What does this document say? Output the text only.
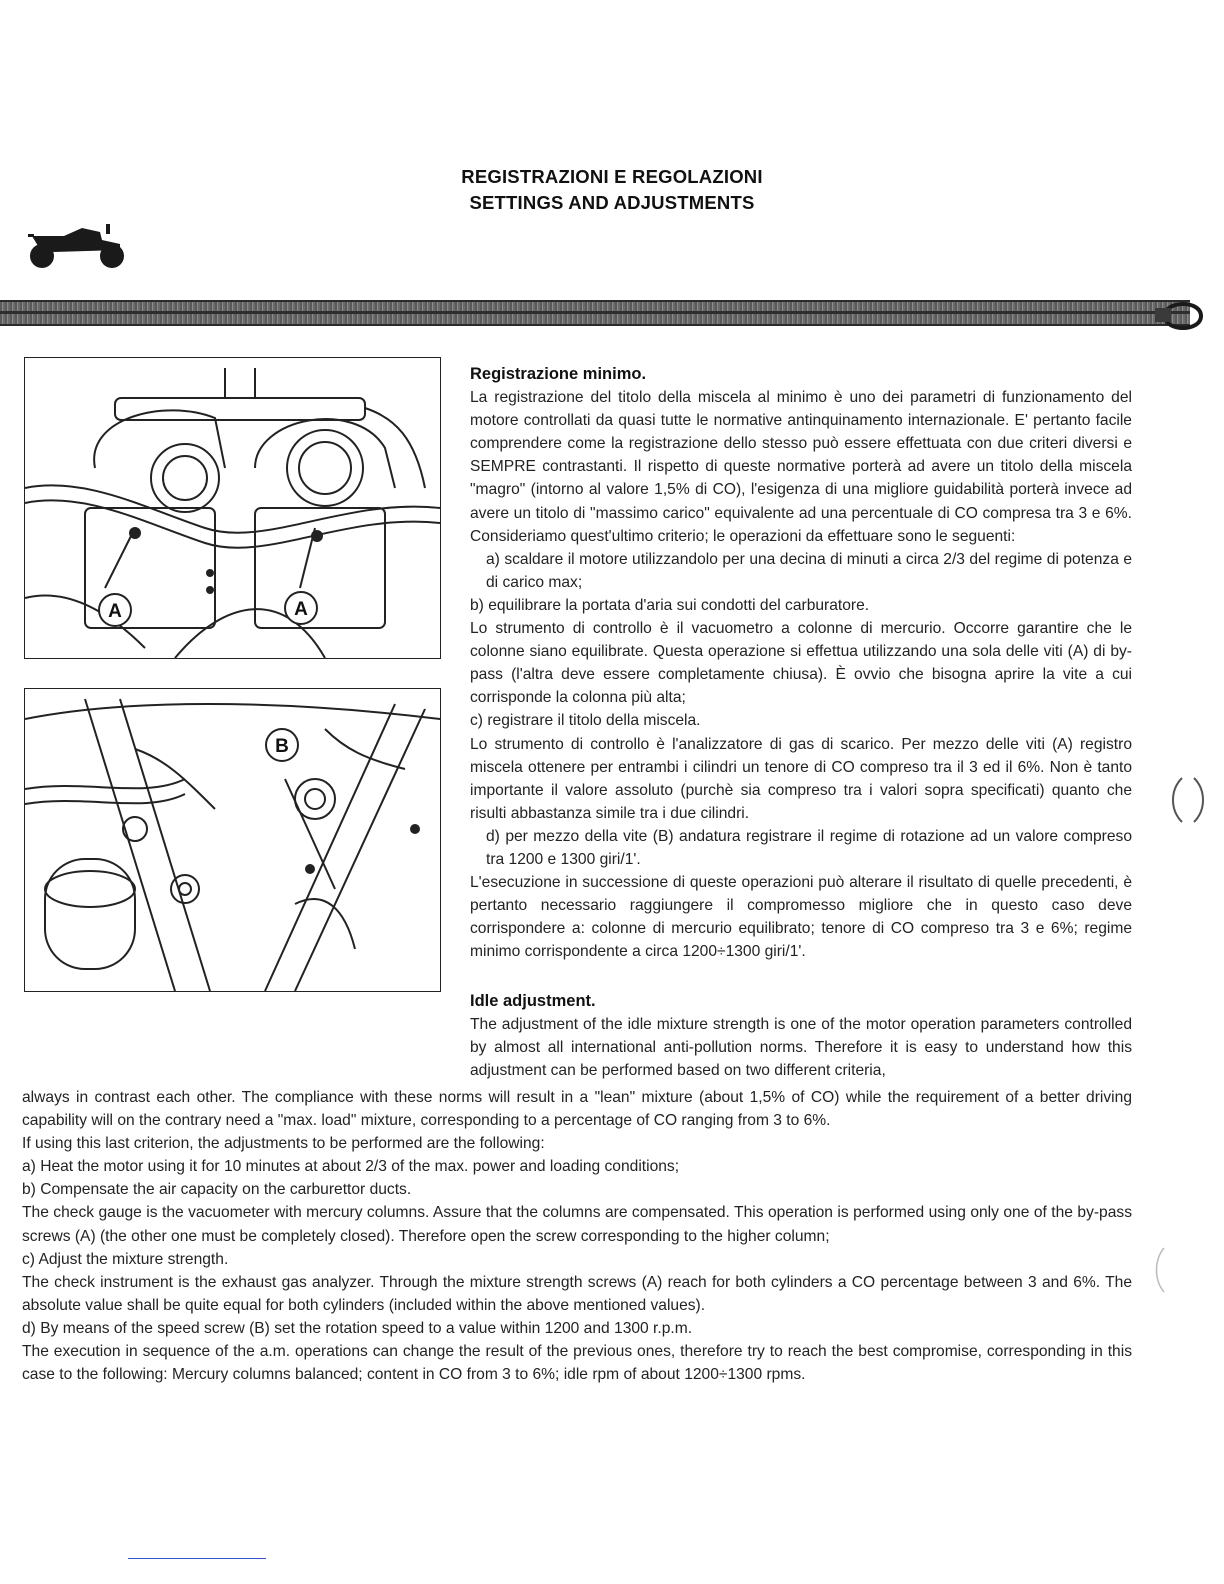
REGISTRAZIONI E REGOLAZIONI
SETTINGS AND ADJUSTMENTS
A	A
B
Registrazione minimo.

La registrazione del titolo della miscela al minimo è uno dei parametri di funzionamento del motore controllati da quasi tutte le normative antinquinamento internazionale. E' pertanto facile comprendere come la registrazione dello stesso può essere effettuata con due criteri diversi e SEMPRE contrastanti. Il rispetto di queste normative porterà ad avere un titolo della miscela "magro" (intorno al valore 1,5% di CO), l'esigenza di una migliore guidabilità porterà invece ad avere un titolo di "massimo carico" equivalente ad una percentuale di CO compresa tra 3 e 6%. Consideriamo quest'ultimo criterio; le operazioni da effettuare sono le seguenti:

a) scaldare il motore utilizzandolo per una decina di minuti a circa 2/3 del regime di potenza e di carico max;

b) equilibrare la portata d'aria sui condotti del carburatore.

Lo strumento di controllo è il vacuometro a colonne di mercurio. Occorre garantire che le colonne siano equilibrate. Questa operazione si effettua utilizzando una sola delle viti (A) di by-pass (l'altra deve essere completamente chiusa). È ovvio che bisogna aprire la vite a cui corrisponde la colonna più alta;

c) registrare il titolo della miscela.

Lo strumento di controllo è l'analizzatore di gas di scarico. Per mezzo delle viti (A) registro miscela ottenere per entrambi i cilindri un tenore di CO compreso tra il 3 ed il 6%. Non è tanto importante il valore assoluto (purchè sia compreso tra i valori sopra specificati) quanto che risulti abbastanza simile tra i due cilindri.

d) per mezzo della vite (B) andatura registrare il regime di rotazione ad un valore compreso tra 1200 e 1300 giri/1'.

L'esecuzione in successione di queste operazioni può alterare il risultato di quelle precedenti, è pertanto necessario raggiungere il compromesso migliore che in questo caso deve corrispondere a: colonne di mercurio equilibrato; tenore di CO compreso tra 3 e 6%; regime minimo corrispondente a circa 1200÷1300 giri/1'.

Idle adjustment.

The adjustment of the idle mixture strength is one of the motor operation parameters controlled by almost all international anti-pollution norms. Therefore it is easy to understand how this adjustment can be performed based on two different criteria,

always in contrast each other. The compliance with these norms will result in a "lean" mixture (about 1,5% of CO) while the requirement of a better driving capability will on the contrary need a "max. load" mixture, corresponding to a percentage of CO ranging from 3 to 6%.

If using this last criterion, the adjustments to be performed are the following:

a) Heat the motor using it for 10 minutes at about 2/3 of the max. power and loading conditions;

b) Compensate the air capacity on the carburettor ducts.

The check gauge is the vacuometer with mercury columns. Assure that the columns are compensated. This operation is performed using only one of the by-pass screws (A) (the other one must be completely closed). Therefore open the screw corresponding to the higher column;

c) Adjust the mixture strength.

The check instrument is the exhaust gas analyzer. Through the mixture strength screws (A) reach for both cylinders a CO percentage between 3 and 6%. The absolute value shall be quite equal for both cylinders (included within the above mentioned values).

d) By means of the speed screw (B) set the rotation speed to a value within 1200 and 1300 r.p.m.

The execution in sequence of the a.m. operations can change the result of the previous ones, therefore try to reach the best compromise, corresponding in this case to the following: Mercury columns balanced; content in CO from 3 to 6%; idle rpm of about 1200÷1300 rpms.
